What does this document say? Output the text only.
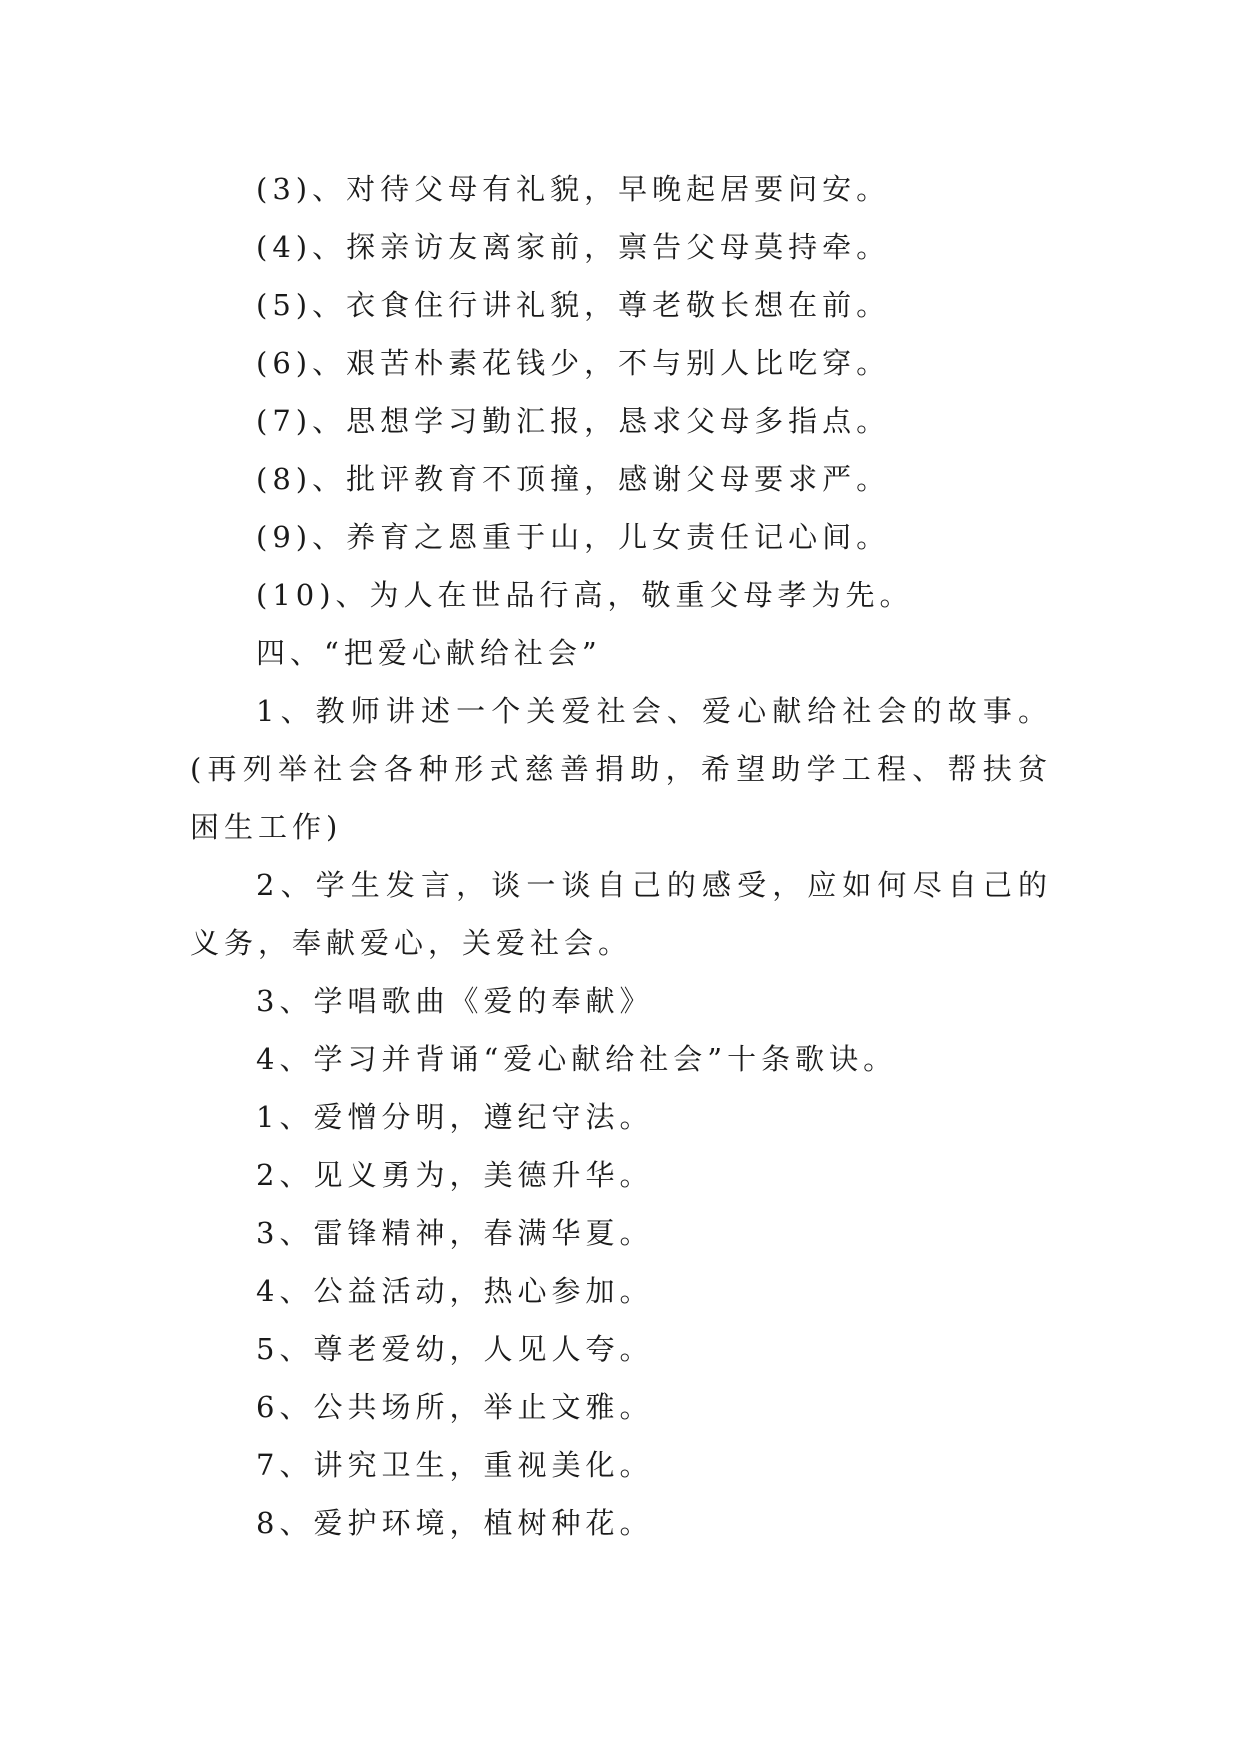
(3)、对待父母有礼貌，早晚起居要问安。
(4)、探亲访友离家前，禀告父母莫持牵。
(5)、衣食住行讲礼貌，尊老敬长想在前。
(6)、艰苦朴素花钱少，不与别人比吃穿。
(7)、思想学习勤汇报，恳求父母多指点。
(8)、批评教育不顶撞，感谢父母要求严。
(9)、养育之恩重于山，儿女责任记心间。
(10)、为人在世品行高，敬重父母孝为先。
四、“把爱心献给社会”
1、教师讲述一个关爱社会、爱心献给社会的故事。(再列举社会各种形式慈善捐助，希望助学工程、帮扶贫困生工作)
2、学生发言，谈一谈自己的感受，应如何尽自己的义务，奉献爱心，关爱社会。
3、学唱歌曲《爱的奉献》
4、学习并背诵“爱心献给社会”十条歌诀。
1、爱憎分明，遵纪守法。
2、见义勇为，美德升华。
3、雷锋精神，春满华夏。
4、公益活动，热心参加。
5、尊老爱幼，人见人夸。
6、公共场所，举止文雅。
7、讲究卫生，重视美化。
8、爱护环境，植树种花。
